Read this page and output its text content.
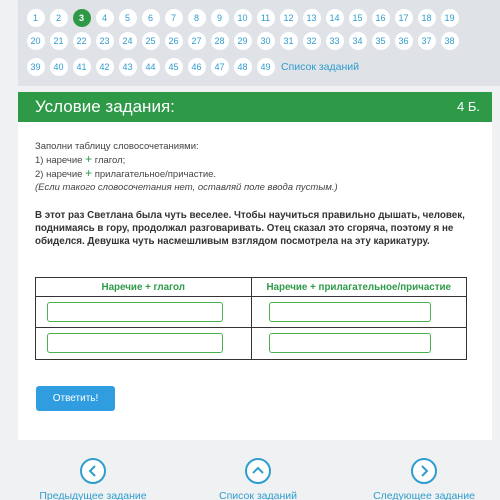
1	2	3	4	5	6	7	8	9	10	11	12	13	14	15	16	17	18	19
20	21	22	23	24	25	26	27	28	29	30	31	32	33	34	35	36	37	38
39	40	41	42	43	44	45	46	47	48	49	Список заданий
Условие задания:	4 Б.
Заполни таблицу словосочетаниями:
1) наречие + глагол;
2) наречие + прилагательное/причастие.
(Если такого словосочетания нет, оставляй поле ввода пустым.)
В этот раз Светлана была чуть веселее. Чтобы научиться правильно дышать, человек, поднимаясь в гору, продолжал разговаривать. Отец сказал это сгоряча, поэтому я не обиделся. Девушка чуть насмешливым взглядом посмотрела на эту карикатуру.
Наречие + глагол	Наречие + прилагательное/причастие
Ответить!
Предыдущее задание	Список заданий	Следующее задание
